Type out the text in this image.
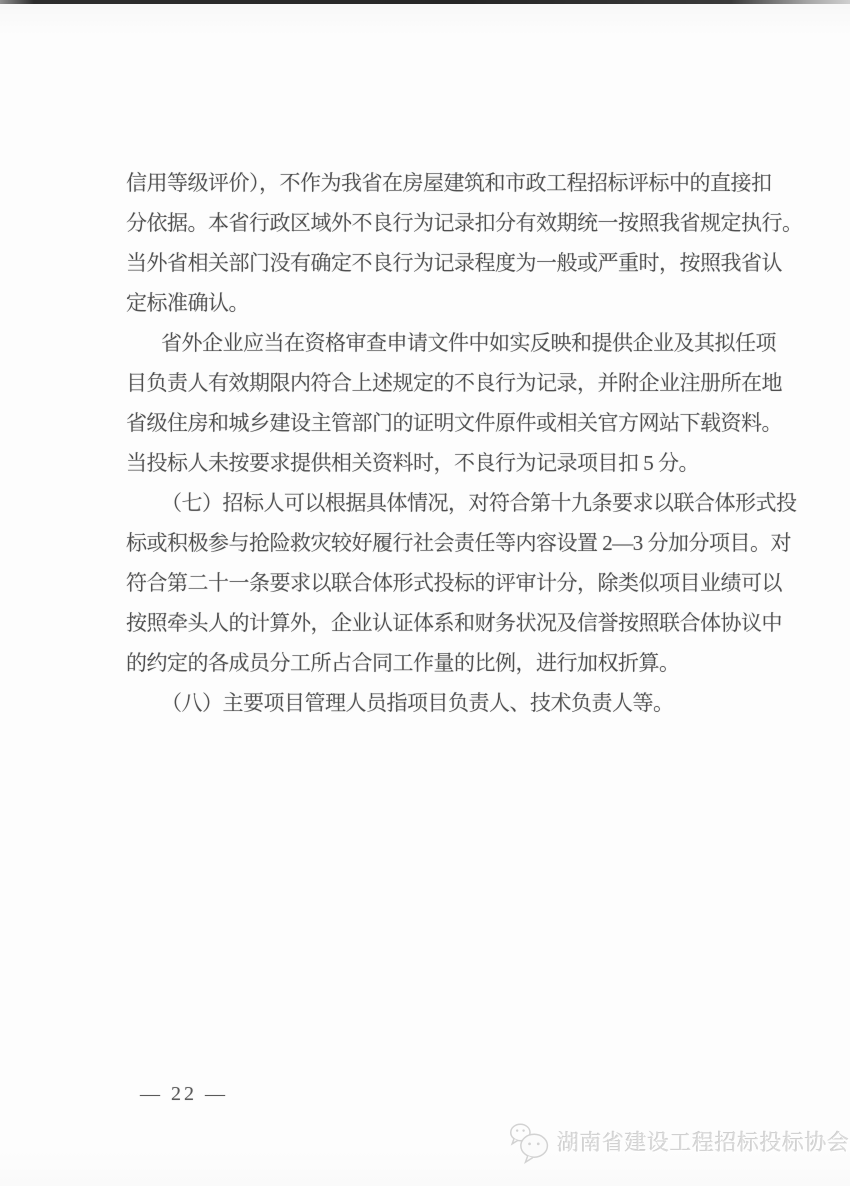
信用等级评价），不作为我省在房屋建筑和市政工程招标评标中的直接扣
分依据。本省行政区域外不良行为记录扣分有效期统一按照我省规定执行。
当外省相关部门没有确定不良行为记录程度为一般或严重时，按照我省认
定标准确认。
省外企业应当在资格审查申请文件中如实反映和提供企业及其拟任项
目负责人有效期限内符合上述规定的不良行为记录，并附企业注册所在地
省级住房和城乡建设主管部门的证明文件原件或相关官方网站下载资料。
当投标人未按要求提供相关资料时，不良行为记录项目扣 5 分。
（七）招标人可以根据具体情况，对符合第十九条要求以联合体形式投
标或积极参与抢险救灾较好履行社会责任等内容设置 2—3 分加分项目。对
符合第二十一条要求以联合体形式投标的评审计分，除类似项目业绩可以
按照牵头人的计算外，企业认证体系和财务状况及信誉按照联合体协议中
的约定的各成员分工所占合同工作量的比例，进行加权折算。
（八）主要项目管理人员指项目负责人、技术负责人等。
— 22 —
湖南省建设工程招标投标协会
